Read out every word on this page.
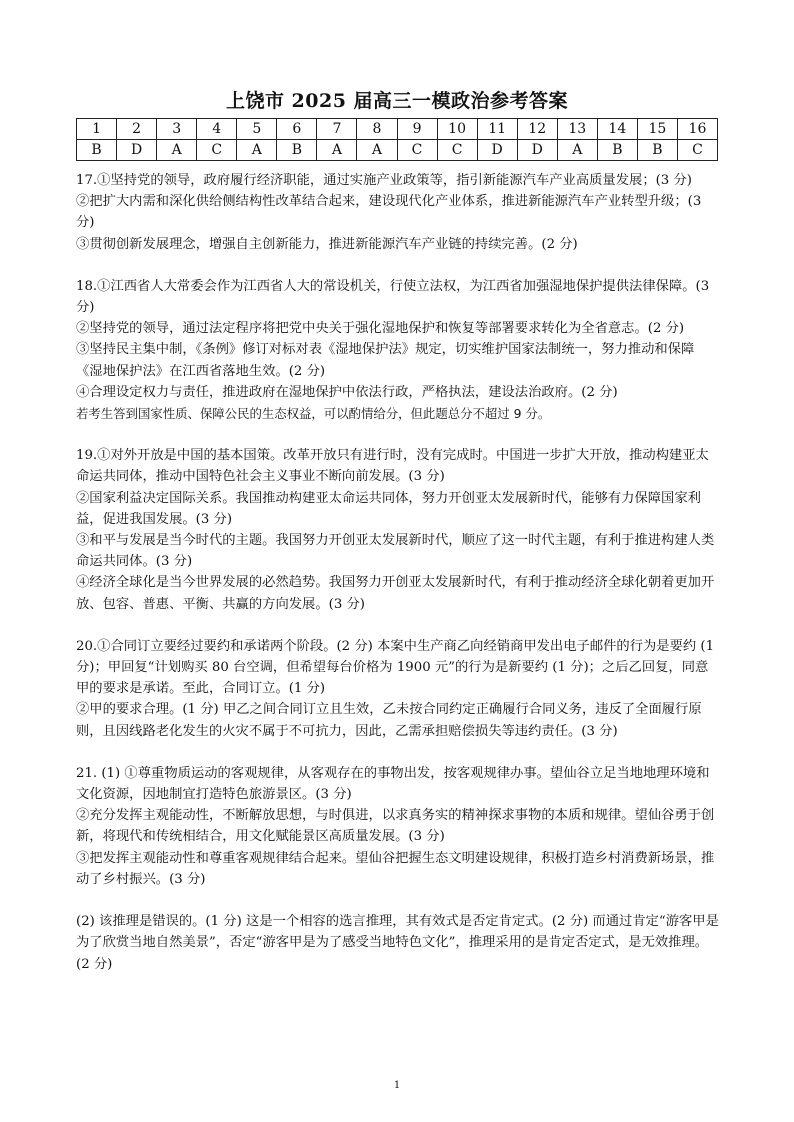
上饶市 2025 届高三一模政治参考答案
1	2	3	4	5	6	7	8	9	10	11	12	13	14	15	16
B	D	A	C	A	B	A	A	C	C	D	D	A	B	B	C

17.①坚持党的领导，政府履行经济职能，通过实施产业政策等，指引新能源汽车产业高质量发展；(3 分)

②把扩大内需和深化供给侧结构性改革结合起来，建设现代化产业体系，推进新能源汽车产业转型升级；(3 分)

③贯彻创新发展理念，增强自主创新能力，推进新能源汽车产业链的持续完善。(2 分)

18.①江西省人大常委会作为江西省人大的常设机关，行使立法权，为江西省加强湿地保护提供法律保障。(3 分)

②坚持党的领导，通过法定程序将把党中央关于强化湿地保护和恢复等部署要求转化为全省意志。(2 分)

③坚持民主集中制，《条例》修订对标对表《湿地保护法》规定，切实维护国家法制统一，努力推动和保障《湿地保护法》在江西省落地生效。(2 分)

④合理设定权力与责任，推进政府在湿地保护中依法行政，严格执法，建设法治政府。(2 分)

若考生答到国家性质、保障公民的生态权益，可以酌情给分，但此题总分不超过 9 分。

19.①对外开放是中国的基本国策。改革开放只有进行时，没有完成时。中国进一步扩大开放，推动构建亚太命运共同体，推动中国特色社会主义事业不断向前发展。(3 分)

②国家利益决定国际关系。我国推动构建亚太命运共同体，努力开创亚太发展新时代，能够有力保障国家利益，促进我国发展。(3 分)

③和平与发展是当今时代的主题。我国努力开创亚太发展新时代，顺应了这一时代主题，有利于推进构建人类命运共同体。(3 分)

④经济全球化是当今世界发展的必然趋势。我国努力开创亚太发展新时代，有利于推动经济全球化朝着更加开放、包容、普惠、平衡、共赢的方向发展。(3 分)

20.①合同订立要经过要约和承诺两个阶段。(2 分) 本案中生产商乙向经销商甲发出电子邮件的行为是要约 (1 分)；甲回复“计划购买 80 台空调，但希望每台价格为 1900 元”的行为是新要约 (1 分)；之后乙回复，同意甲的要求是承诺。至此，合同订立。(1 分)

②甲的要求合理。(1 分) 甲乙之间合同订立且生效，乙未按合同约定正确履行合同义务，违反了全面履行原则，且因线路老化发生的火灾不属于不可抗力，因此，乙需承担赔偿损失等违约责任。(3 分)

21. (1) ①尊重物质运动的客观规律，从客观存在的事物出发，按客观规律办事。望仙谷立足当地地理环境和文化资源，因地制宜打造特色旅游景区。(3 分)

②充分发挥主观能动性，不断解放思想，与时俱进，以求真务实的精神探求事物的本质和规律。望仙谷勇于创新，将现代和传统相结合，用文化赋能景区高质量发展。(3 分)

③把发挥主观能动性和尊重客观规律结合起来。望仙谷把握生态文明建设规律，积极打造乡村消费新场景，推动了乡村振兴。(3 分)

(2) 该推理是错误的。(1 分) 这是一个相容的选言推理，其有效式是否定肯定式。(2 分) 而通过肯定“游客甲是为了欣赏当地自然美景”，否定“游客甲是为了感受当地特色文化”，推理采用的是肯定否定式，是无效推理。(2 分)

1
